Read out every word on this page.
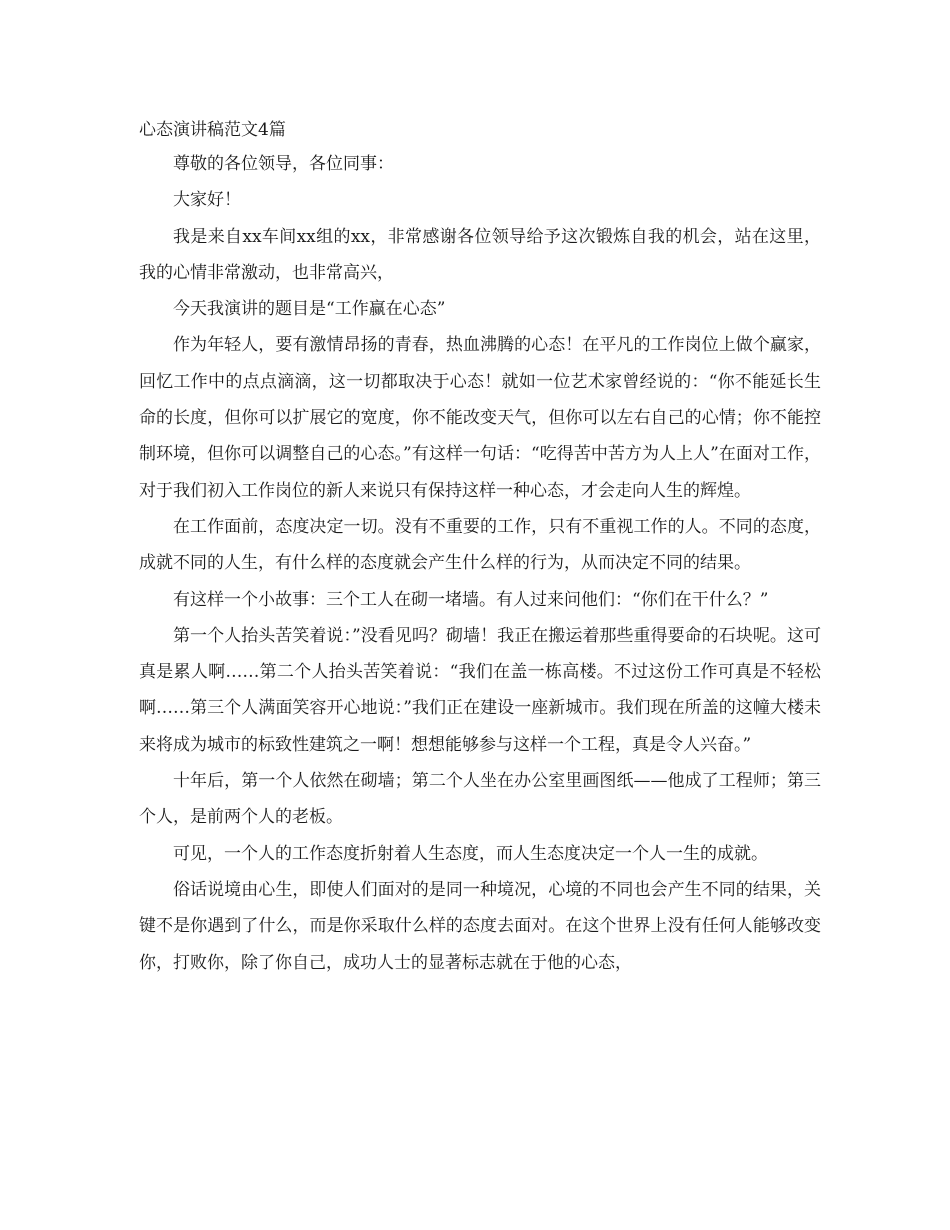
心态演讲稿范文4篇

尊敬的各位领导，各位同事：

大家好！

我是来自xx车间xx组的xx，非常感谢各位领导给予这次锻炼自我的机会，站在这里，我的心情非常激动，也非常高兴，

今天我演讲的题目是“工作赢在心态”

作为年轻人，要有激情昂扬的青春，热血沸腾的心态！在平凡的工作岗位上做个赢家，回忆工作中的点点滴滴，这一切都取决于心态！就如一位艺术家曾经说的：“你不能延长生命的长度，但你可以扩展它的宽度，你不能改变天气，但你可以左右自己的心情；你不能控制环境，但你可以调整自己的心态。”有这样一句话：“吃得苦中苦方为人上人”在面对工作，对于我们初入工作岗位的新人来说只有保持这样一种心态，才会走向人生的辉煌。

在工作面前，态度决定一切。没有不重要的工作，只有不重视工作的人。不同的态度，成就不同的人生，有什么样的态度就会产生什么样的行为，从而决定不同的结果。

有这样一个小故事：三个工人在砌一堵墙。有人过来问他们：“你们在干什么？”

第一个人抬头苦笑着说：”没看见吗？砌墙！我正在搬运着那些重得要命的石块呢。这可真是累人啊……第二个人抬头苦笑着说：“我们在盖一栋高楼。不过这份工作可真是不轻松啊……第三个人满面笑容开心地说：”我们正在建设一座新城市。我们现在所盖的这幢大楼未来将成为城市的标致性建筑之一啊！想想能够参与这样一个工程，真是令人兴奋。”

十年后，第一个人依然在砌墙；第二个人坐在办公室里画图纸——他成了工程师；第三个人，是前两个人的老板。

可见，一个人的工作态度折射着人生态度，而人生态度决定一个人一生的成就。

俗话说境由心生，即使人们面对的是同一种境况，心境的不同也会产生不同的结果，关键不是你遇到了什么，而是你采取什么样的态度去面对。在这个世界上没有任何人能够改变你，打败你，除了你自己，成功人士的显著标志就在于他的心态，
